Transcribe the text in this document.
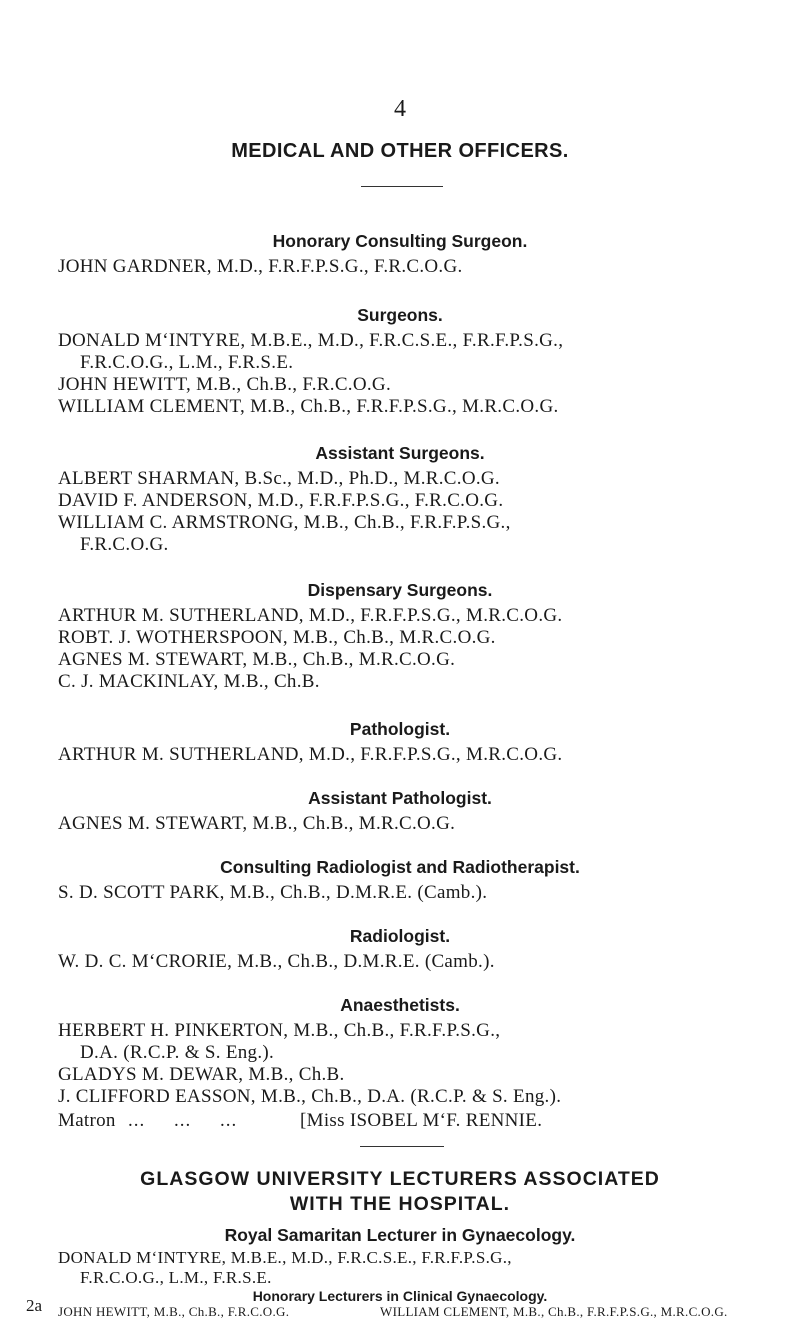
4
MEDICAL AND OTHER OFFICERS.
Honorary Consulting Surgeon.
JOHN GARDNER, M.D., F.R.F.P.S.G., F.R.C.O.G.
Surgeons.
DONALD M‘INTYRE, M.B.E., M.D., F.R.C.S.E., F.R.F.P.S.G.,
F.R.C.O.G., L.M., F.R.S.E.
JOHN HEWITT, M.B., Ch.B., F.R.C.O.G.
WILLIAM CLEMENT, M.B., Ch.B., F.R.F.P.S.G., M.R.C.O.G.
Assistant Surgeons.
ALBERT SHARMAN, B.Sc., M.D., Ph.D., M.R.C.O.G.
DAVID F. ANDERSON, M.D., F.R.F.P.S.G., F.R.C.O.G.
WILLIAM C. ARMSTRONG, M.B., Ch.B., F.R.F.P.S.G.,
F.R.C.O.G.
Dispensary Surgeons.
ARTHUR M. SUTHERLAND, M.D., F.R.F.P.S.G., M.R.C.O.G.
ROBT. J. WOTHERSPOON, M.B., Ch.B., M.R.C.O.G.
AGNES M. STEWART, M.B., Ch.B., M.R.C.O.G.
C. J. MACKINLAY, M.B., Ch.B.
Pathologist.
ARTHUR M. SUTHERLAND, M.D., F.R.F.P.S.G., M.R.C.O.G.
Assistant Pathologist.
AGNES M. STEWART, M.B., Ch.B., M.R.C.O.G.
Consulting Radiologist and Radiotherapist.
S. D. SCOTT PARK, M.B., Ch.B., D.M.R.E. (Camb.).
Radiologist.
W. D. C. M‘CRORIE, M.B., Ch.B., D.M.R.E. (Camb.).
Anaesthetists.
HERBERT H. PINKERTON, M.B., Ch.B., F.R.F.P.S.G.,
D.A. (R.C.P. & S. Eng.).
GLADYS M. DEWAR, M.B., Ch.B.
J. CLIFFORD EASSON, M.B., Ch.B., D.A. (R.C.P. & S. Eng.).
Matron ...     ...     ...	[Miss ISOBEL M‘F. RENNIE.
GLASGOW UNIVERSITY LECTURERS ASSOCIATED
WITH THE HOSPITAL.
Royal Samaritan Lecturer in Gynaecology.
DONALD M‘INTYRE, M.B.E., M.D., F.R.C.S.E., F.R.F.P.S.G.,
F.R.C.O.G., L.M., F.R.S.E.
Honorary Lecturers in Clinical Gynaecology.
JOHN HEWITT, M.B., Ch.B., F.R.C.O.G.	WILLIAM CLEMENT, M.B., Ch.B., F.R.F.P.S.G., M.R.C.O.G.
2a
